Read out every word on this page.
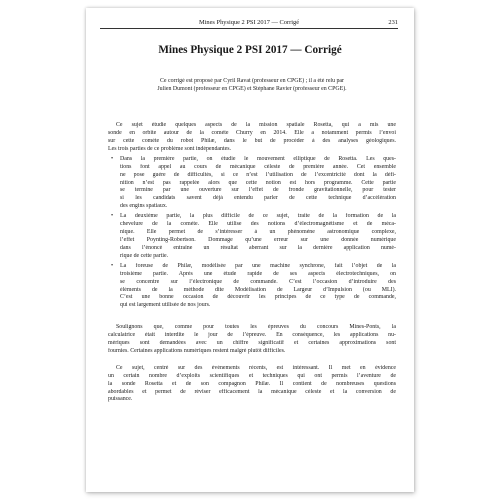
Mines Physique 2 PSI 2017 — Corrigé	231
Mines Physique 2 PSI 2017 — Corrigé
Ce corrigé est proposé par Cyril Ravat (professeur en CPGE) ; il a été relu par
Julien Dumont (professeur en CPGE) et Stéphane Ravier (professeur en CPGE).
Ce sujet étudie quelques aspects de la mission spatiale Rosetta, qui a mis une
sonde en orbite autour de la comète Churry en 2014. Elle a notamment permis l’envoi
sur cette comète du robot Philæ, dans le but de procéder à des analyses géologiques.
Les trois parties de ce problème sont indépendantes.
• Dans la première partie, on étudie le mouvement elliptique de Rosetta. Les ques-
tions font appel au cours de mécanique céleste de première année. Cet ensemble
ne pose guère de difficultés, si ce n’est l’utilisation de l’excentricité dont la défi-
nition n’est pas rappelée alors que cette notion est hors programme. Cette partie
se termine par une ouverture sur l’effet de fronde gravitationnelle, pour tester
si les candidats savent déjà entendu parler de cette technique d’accélération
des engins spatiaux.
• La deuxième partie, la plus difficile de ce sujet, traite de la formation de la
chevelure de la comète. Elle utilise des notions d’électromagnétisme et de méca-
nique. Elle permet de s’intéresser à un phénomène astronomique complexe,
l’effet Poynting-Robertson. Dommage qu’une erreur sur une donnée numérique
dans l’énoncé entraîne un résultat aberrant sur la dernière application numé-
rique de cette partie.
• La foreuse de Philæ, modélisée par une machine synchrone, fait l’objet de la
troisième partie. Après une étude rapide de ses aspects électrotechniques, on
se concentre sur l’électronique de commande. C’est l’occasion d’introduire des
éléments de la méthode dite Modélisation de Largeur d’Impulsion (ou MLI).
C’est une bonne occasion de découvrir les principes de ce type de commande,
qui est largement utilisée de nos jours.
Soulignons que, comme pour toutes les épreuves du concours Mines-Ponts, la
calculatrice était interdite le jour de l’épreuve. En conséquence, les applications nu-
mériques sont demandées avec un chiffre significatif et certaines approximations sont
fournies. Certaines applications numériques restent malgré plutôt difficiles.
Ce sujet, centré sur des événements récents, est intéressant. Il met en évidence
un certain nombre d’exploits scientifiques et techniques qui ont permis l’aventure de
la sonde Rosetta et de son compagnon Philæ. Il contient de nombreuses questions
abordables et permet de réviser efficacement la mécanique céleste et la conversion de
puissance.
